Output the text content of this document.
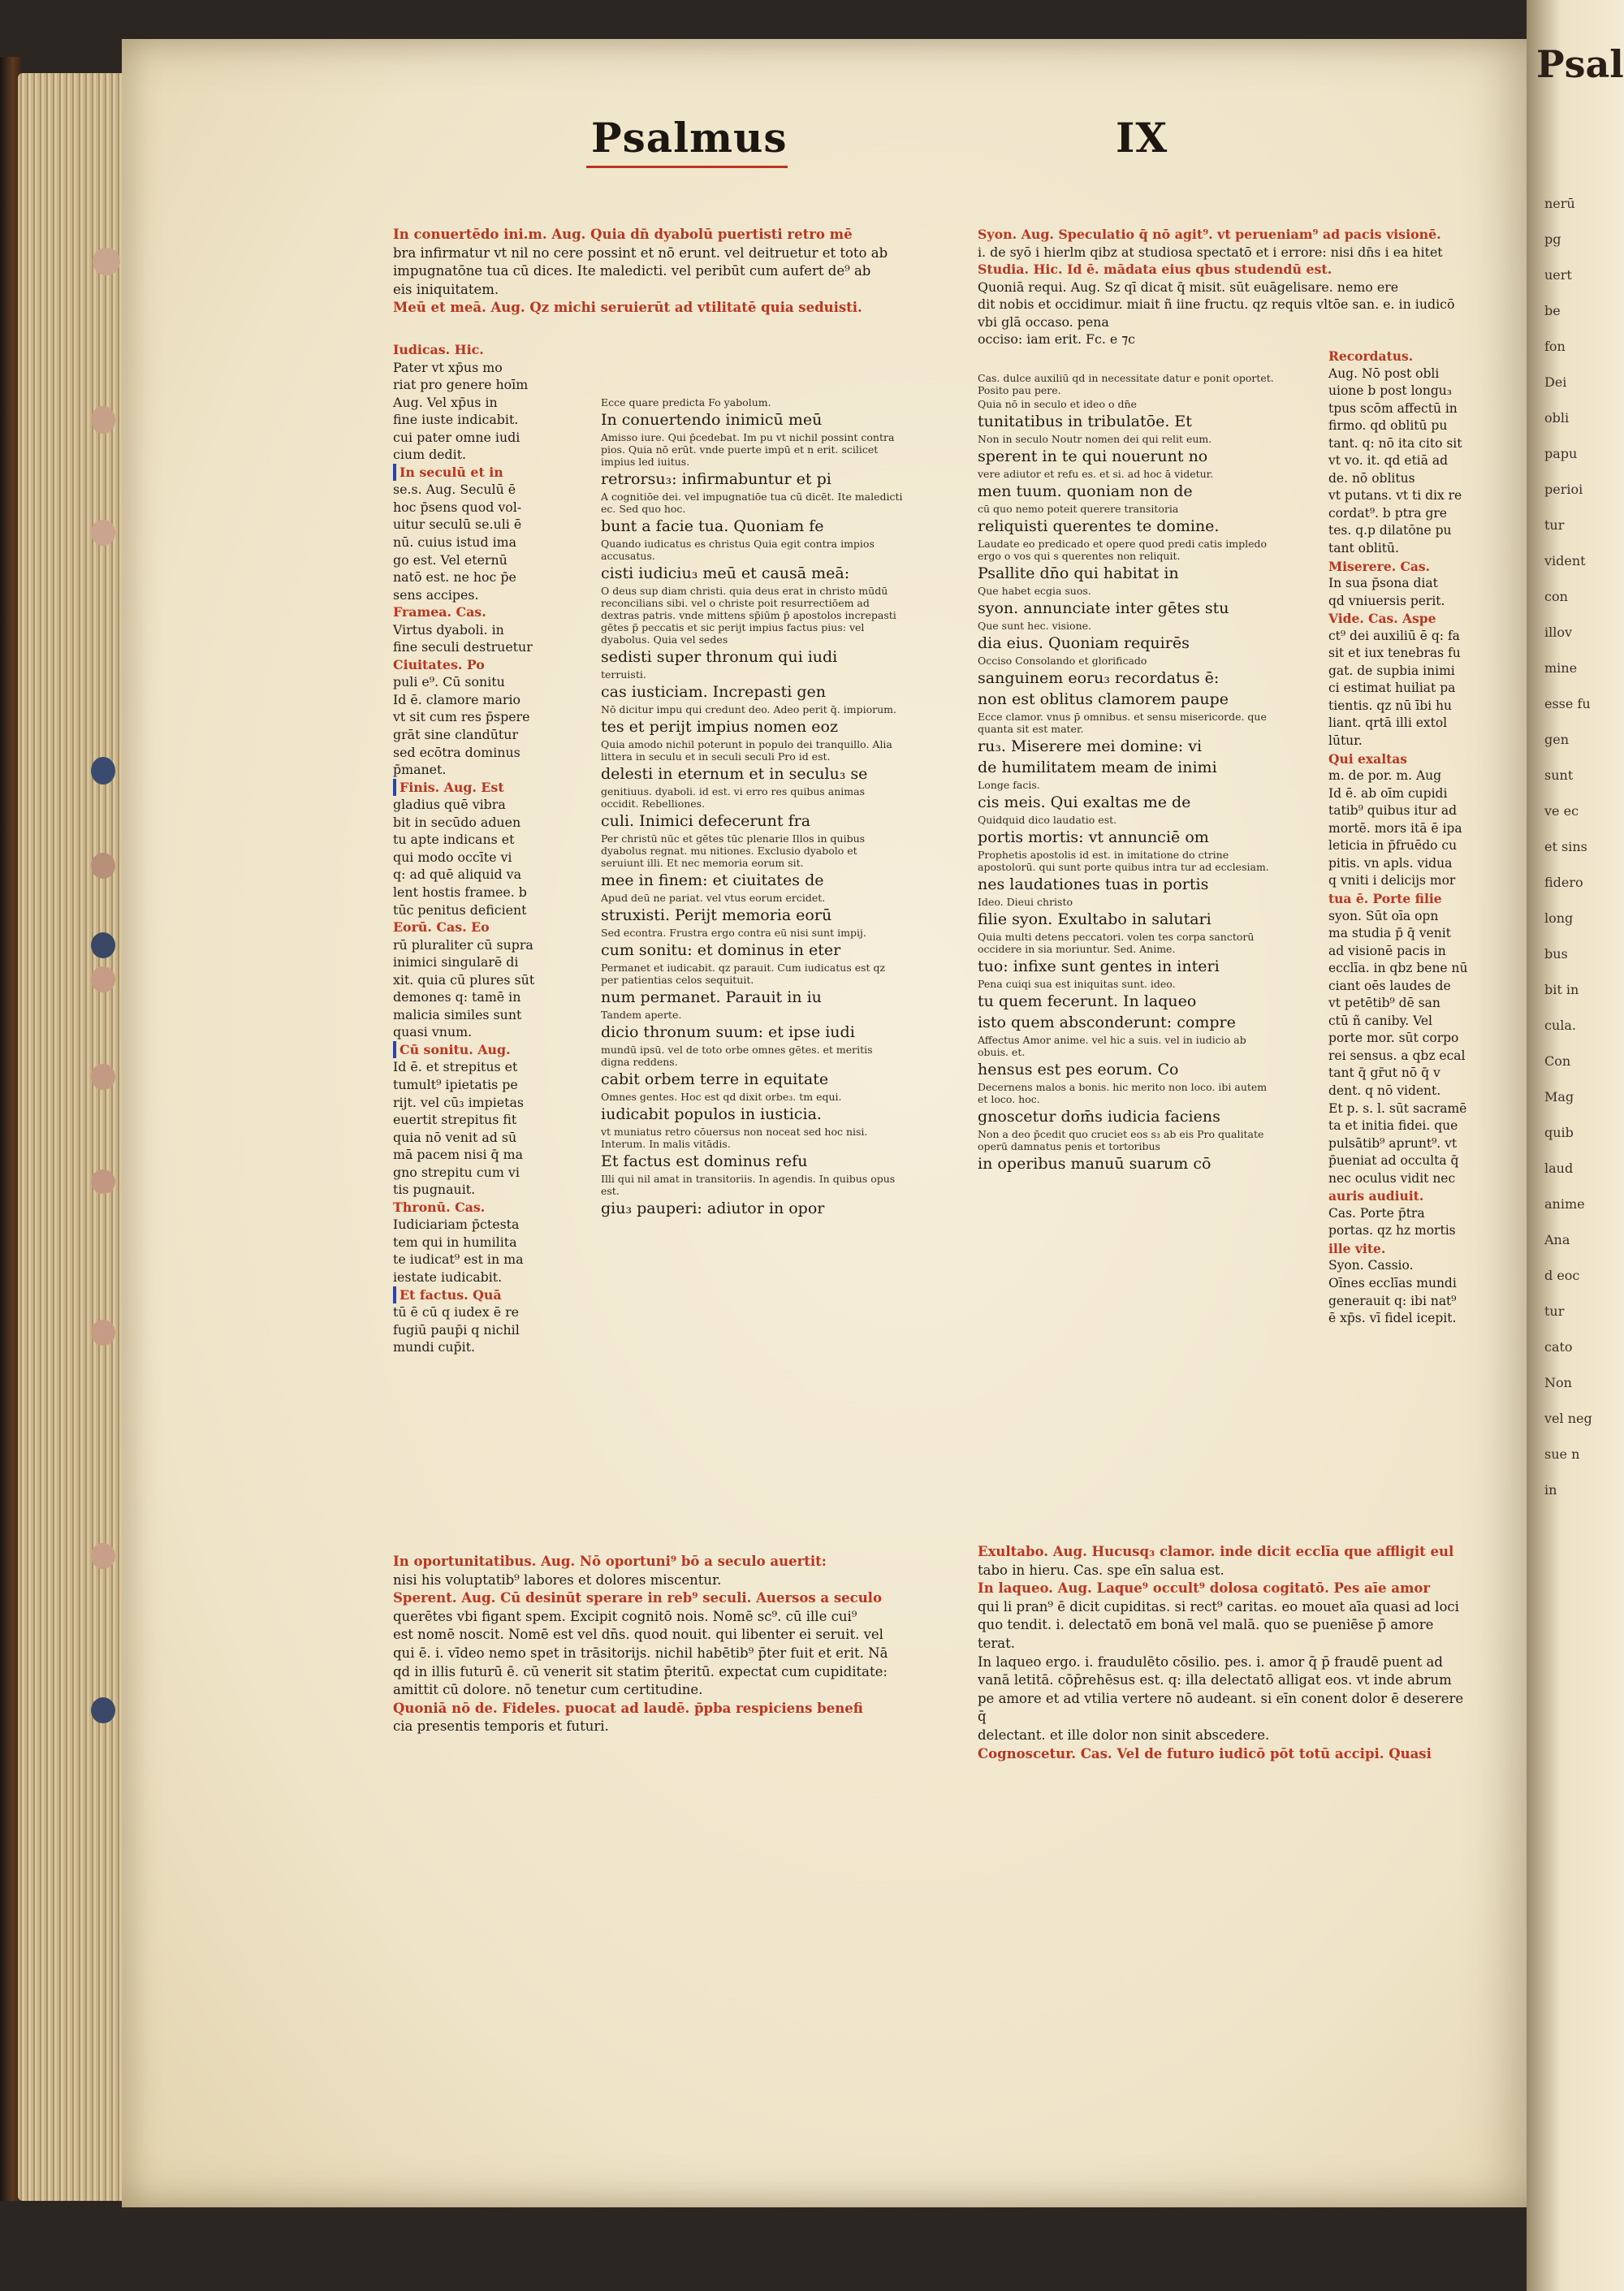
Psal
nerū
pg
uert
be
fon
Dei
obli
papu
perioi
tur
vident
con
illov
mine
esse fu
gen
sunt
ve ec
et sins
fidero
long
bus
bit in
cula.
Con
Mag
quib
laud
anime
Ana
d eoc
tur
cato
Non
vel neg
sue n
in
Psalmus	IX

In conuertēdo ini.m. Aug. Quia dn̄ dyabolū puertisti retro mē

bra infirmatur vt nil no cere possint et nō erunt. vel deitruetur et toto ab

impugnatōne tua cū dices. Ite maledicti. vel peribūt cum aufert de⁹ ab

eis iniquitatem.

Meū et meā. Aug. Qz michi seruierūt ad vtilitatē quia seduisti.

Iudicas. Hic.

Pater vt xp̄us mo

riat pro genere hoīm

Aug. Vel xp̄us in

fine iuste indicabit.

cui pater omne iudi

cium dedit.

In seculū et in

se.s. Aug. Seculū ē

hoc p̄sens quod vol-

uitur seculū se.uli ē

nū. cuius istud ima

go est. Vel eternū

natō est. ne hoc p̄e

sens accipes.

Framea. Cas.

Virtus dyaboli. in

fine seculi destruetur

Ciuitates. Po

puli e⁹. Cū sonitu

Id ē. clamore mario

vt sit cum res p̄spere

grāt sine clandūtur

sed ecōtra dominus

p̄manet.

Finis. Aug. Est

gladius quē vibra

bit in secūdo aduen

tu apte indicans et

qui modo occīte vi

q: ad quē aliquid va

lent hostis framee. b

tūc penitus deficient

Eorū. Cas. Eo

rū pluraliter cū supra

inimici singularē di

xit. quia cū plures sūt

demones q: tamē in

malicia similes sunt

quasi vnum.

Cū sonitu. Aug.

Id ē. et strepitus et

tumult⁹ ipietatis pe

rijt. vel cū₃ impietas

euertit strepitus fit

quia nō venit ad sū

mā pacem nisi q̄ ma

gno strepitu cum vi

tis pugnauit.

Thronū. Cas.

Iudiciariam p̄ctesta

tem qui in humilita

te iudicat⁹ est in ma

iestate iudicabit.

Et factus. Quā

tū ē cū q iudex ē re

fugiū paup̄i q nichil

mundi cup̄it.

Ecce quare predicta Fo yabolum.

In conuertendo inimicū meū

Amisso iure. Qui p̄cedebat. Im pu vt nichil possint contra pios. Quia nō erūt. vnde puerte impū et n erit. scilicet impius led iuitus.

retrorsu₃: infirmabuntur et pi

A cognitiōe dei. vel impugnatiōe tua cū dicēt. Ite maledicti ec. Sed quo hoc.

bunt a facie tua. Quoniam fe

Quando iudicatus es christus Quia egit contra impios accusatus.

cisti iudiciu₃ meū et causā meā:

O deus sup diam christi. quia deus erat in christo mūdū reconcilians sibi. vel o christe poit resurrectiōem ad dextras patris. vnde mittens sp̄iūm p̄ apostolos increpasti gētes p̄ peccatis et sic perijt impius factus pius: vel dyabolus. Quia vel sedes

sedisti super thronum qui iudi

terruisti.

cas iusticiam. Increpasti gen

Nō dicitur impu qui credunt deo. Adeo perit q̄. impiorum.

tes et perijt impius nomen eoz

Quia amodo nichil poterunt in populo dei tranquillo. Alia littera in seculu et in seculi seculi Pro id est.

delesti in eternum et in seculu₃ se

genitiuus. dyaboli. id est. vi erro res quibus animas occidit. Rebelliones.

culi. Inimici defecerunt fra

Per christū nūc et gētes tūc plenarie Illos in quibus dyabolus regnat. mu nitiones. Exclusio dyabolo et seruiunt illi. Et nec memoria eorum sit.

mee in finem: et ciuitates de

Apud deū ne pariat. vel vtus eorum ercidet.

struxisti. Perijt memoria eorū

Sed econtra. Frustra ergo contra eū nisi sunt impij.

cum sonitu: et dominus in eter

Permanet et iudicabit. qz parauit. Cum iudicatus est qz per patientias celos sequituit.

num permanet. Parauit in iu

Tandem aperte.

dicio thronum suum: et ipse iudi

mundū ipsū. vel de toto orbe omnes gētes. et meritis digna reddens.

cabit orbem terre in equitate

Omnes gentes. Hoc est qd dixit orbe₃. tm equi.

iudicabit populos in iusticia.

vt muniatus retro cōuersus non noceat sed hoc nisi. Interum. In malis vitādis.

Et factus est dominus refu

Illi qui nil amat in transitoriis. In agendis. In quibus opus est.

giu₃ pauperi: adiutor in opor

Cas. dulce auxiliū qd in necessitate datur e ponit oportet. Posito pau pere.

Quia nō in seculo et ideo o dn̄e

tunitatibus in tribulatōe. Et

Non in seculo Noutr nomen dei qui relit eum.

sperent in te qui nouerunt no

vere adiutor et refu es. et si. ad hoc ā videtur.

men tuum. quoniam non de

cū quo nemo poteit querere transitoria

reliquisti querentes te domine.

Laudate eo predicado et opere quod predi catis impledo ergo o vos qui s querentes non reliquit.

Psallite dn̄o qui habitat in

Que habet ecgia suos.

syon. annunciate inter gētes stu

Que sunt hec. visione.

dia eius. Quoniam requirēs

Occiso Consolando et glorificado

sanguinem eoru₃ recordatus ē:

non est oblitus clamorem paupe

Ecce clamor. vnus p̄ omnibus. et sensu misericorde. que quanta sit est mater.

ru₃. Miserere mei domine: vi

de humilitatem meam de inimi

Longe facis.

cis meis. Qui exaltas me de

Quidquid dico laudatio est.

portis mortis: vt annunciē om

Prophetis apostolis id est. in imitatione do ctrine apostolorū. qui sunt porte quibus intra tur ad ecclesiam.

nes laudationes tuas in portis

Ideo. Dieui christo

filie syon. Exultabo in salutari

Quia multi detens peccatori. volen tes corpa sanctorū occidere in sia moriuntur. Sed. Anime.

tuo: infixe sunt gentes in interi

Pena cuiqi sua est iniquitas sunt. ideo.

tu quem fecerunt. In laqueo

isto quem absconderunt: compre

Affectus Amor anime. vel hic a suis. vel in iudicio ab obuis. et.

hensus est pes eorum. Co

Decernens malos a bonis. hic merito non loco. ibi autem et loco. hoc.

gnoscetur dom̄s iudicia faciens

Non a deo p̄cedit quo cruciet eos s₃ ab eis Pro qualitate operū damnatus penis et tortoribus

in operibus manuū suarum cō

Syon. Aug. Speculatio q̄ nō agit⁹. vt perueniam⁹ ad pacis visionē.

i. de syō i hierlm qibz at studiosa spectatō et i errore: nisi dn̄s i ea hitet

Studia. Hic. Id ē. mādata eius qbus studendū est.

Quoniā requi. Aug. Sz qī dicat q̄ misit. sūt euāgelisare. nemo ere

dit nobis et occidimur. miait ñ iine fructu. qz requis vltōe san. e. in iudicō

vbi glā occaso. pena

occiso: iam erit. Fc. e ⁊c

Recordatus.

Aug. Nō post obli

uione b post longu₃

tpus scōm affectū in

firmo. qd oblitū pu

tant. q: nō ita cito sit

vt vo. it. qd etiā ad

de. nō oblitus

vt putans. vt ti dix re

cordat⁹. b ptra gre

tes. q.p dilatōne pu

tant oblitū.

Miserere. Cas.

In sua p̄sona diat

qd vniuersis perit.

Vide. Cas. Aspe

ct⁹ dei auxiliū ē q: fa

sit et iux tenebras fu

gat. de supbia inimi

ci estimat huiliat pa

tientis. qz nū ībi hu

liant. qrtā illi extol

lūtur.

Qui exaltas

m. de por. m. Aug

Id ē. ab oīm cupidi

tatib⁹ quibus itur ad

mortē. mors itā ē ipa

leticia in p̄fruēdo cu

pitis. vn apls. vidua

q vniti i delicijs mor

tua ē. Porte filie

syon. Sūt oīa opn

ma studia p̄ q̄ venit

ad visionē pacis in

ecclīa. in qbz bene nū

ciant oēs laudes de

vt petētib⁹ dē san

ctū ñ caniby. Vel

porte mor. sūt corpo

rei sensus. a qbz ecal

tant q̄ gr̄ut nō q̄ v

dent. q nō vident.

Et p. s. l. sūt sacramē

ta et initia fidei. que

pulsātib⁹ aprunt⁹. vt

p̄ueniat ad occulta q̄

nec oculus vidit nec

auris audiuit.

Cas. Porte p̄tra

portas. qz hz mortis

ille vite.

Syon. Cassio.

Oīnes ecclīas mundi

generauit q: ibi nat⁹

ē xp̄s. vī fidel icepit.

In oportunitatibus. Aug. Nō oportuni⁹ bō a seculo auertit:

nisi his voluptatib⁹ labores et dolores miscentur.

Sperent. Aug. Cū desinūt sperare in reb⁹ seculi. Auersos a seculo

querētes vbi figant spem. Excipit cognitō nois. Nomē sc⁹. cū ille cui⁹

est nomē noscit. Nomē est vel dn̄s. quod nouit. qui libenter ei seruit. vel

qui ē. i. vīdeo nemo spet in trāsitorijs. nichil habētib⁹ p̄ter fuit et erit. Nā

qd in illis futurū ē. cū venerit sit statim p̄teritū. expectat cum cupiditate:

amittit cū dolore. nō tenetur cum certitudine.

Quoniā nō de. Fideles. puocat ad laudē. p̄pba respiciens benefi

cia presentis temporis et futuri.

Exultabo. Aug. Hucusq₃ clamor. inde dicit ecclīa que affligit eul

tabo in hieru. Cas. spe eīn salua est.

In laqueo. Aug. Laque⁹ occult⁹ dolosa cogitatō. Pes aīe amor

qui li pran⁹ ē dicit cupiditas. si rect⁹ caritas. eo mouet aīa quasi ad loci

quo tendit. i. delectatō em bonā vel malā. quo se pueniēse p̄ amore terat.

In laqueo ergo. i. fraudulēto cōsilio. pes. i. amor q̄ p̄ fraudē puent ad

vanā letitā. cōp̄rehēsus est. q: illa delectatō alligat eos. vt inde abrum

pe amore et ad vtilia vertere nō audeant. si eīn conent dolor ē deserere q̄

delectant. et ille dolor non sinit abscedere.

Cognoscetur. Cas. Vel de futuro iudicō pōt totū accipi. Quasi
